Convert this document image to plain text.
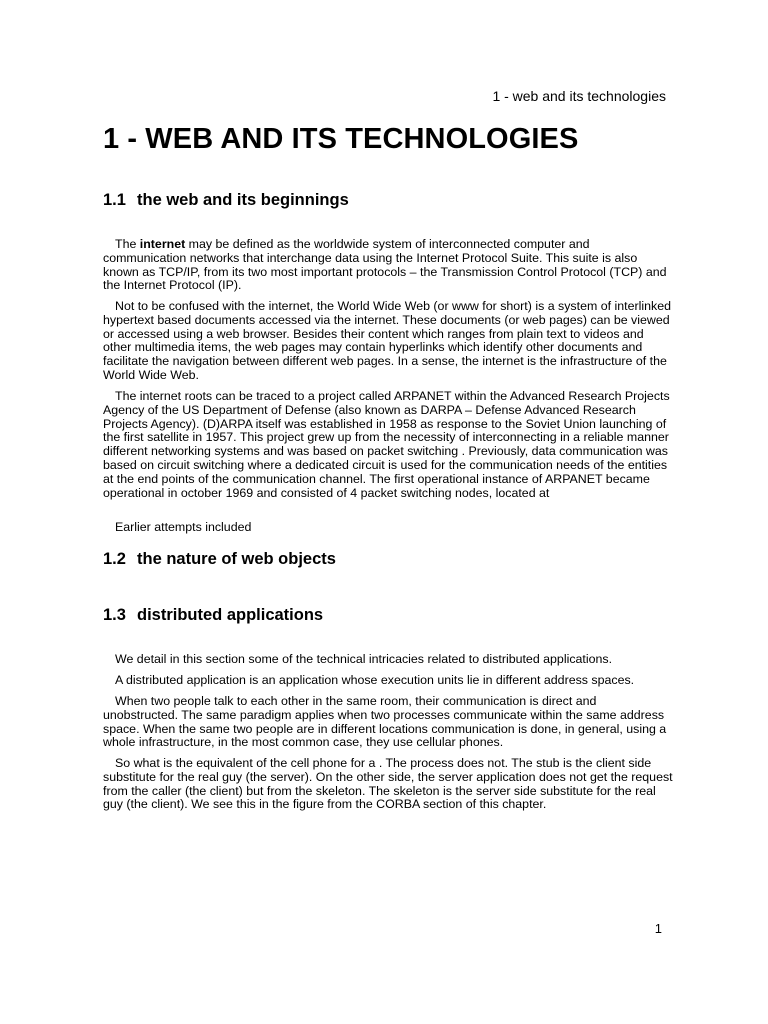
1 - web and its technologies
1 - WEB AND ITS TECHNOLOGIES
1.1 the web and its beginnings

The internet may be defined as the worldwide system of interconnected computer and communication networks that interchange data using the Internet Protocol Suite. This suite is also known as TCP/IP, from its two most important protocols – the Transmission Control Protocol (TCP) and the Internet Protocol (IP).

Not to be confused with the internet, the World Wide Web (or www for short) is a system of interlinked hypertext based documents accessed via the internet. These documents (or web pages) can be viewed or accessed using a web browser. Besides their content which ranges from plain text to videos and other multimedia items, the web pages may contain hyperlinks which identify other documents and facilitate the navigation between different web pages. In a sense, the internet is the infrastructure of the World Wide Web.

The internet roots can be traced to a project called ARPANET within the Advanced Research Projects Agency of the US Department of Defense (also known as DARPA – Defense Advanced Research Projects Agency). (D)ARPA itself was established in 1958 as response to the Soviet Union launching of the first satellite in 1957. This project grew up from the necessity of interconnecting in a reliable manner different networking systems and was based on packet switching . Previously, data communication was based on circuit switching where a dedicated circuit is used for the communication needs of the entities at the end points of the communication channel. The first operational instance of ARPANET became operational in october 1969 and consisted of 4 packet switching nodes, located at

Earlier attempts included

1.2 the nature of web objects
1.3 distributed applications

We detail in this section some of the technical intricacies related to distributed applications.

A distributed application is an application whose execution units lie in different address spaces.

When two people talk to each other in the same room, their communication is direct and unobstructed. The same paradigm applies when two processes communicate within the same address space. When the same two people are in different locations communication is done, in general, using a whole infrastructure, in the most common case, they use cellular phones.

So what is the equivalent of the cell phone for a . The process does not. The stub is the client side substitute for the real guy (the server). On the other side, the server application does not get the request from the caller (the client) but from the skeleton. The skeleton is the server side substitute for the real guy (the client). We see this in the figure from the CORBA section of this chapter.

1
